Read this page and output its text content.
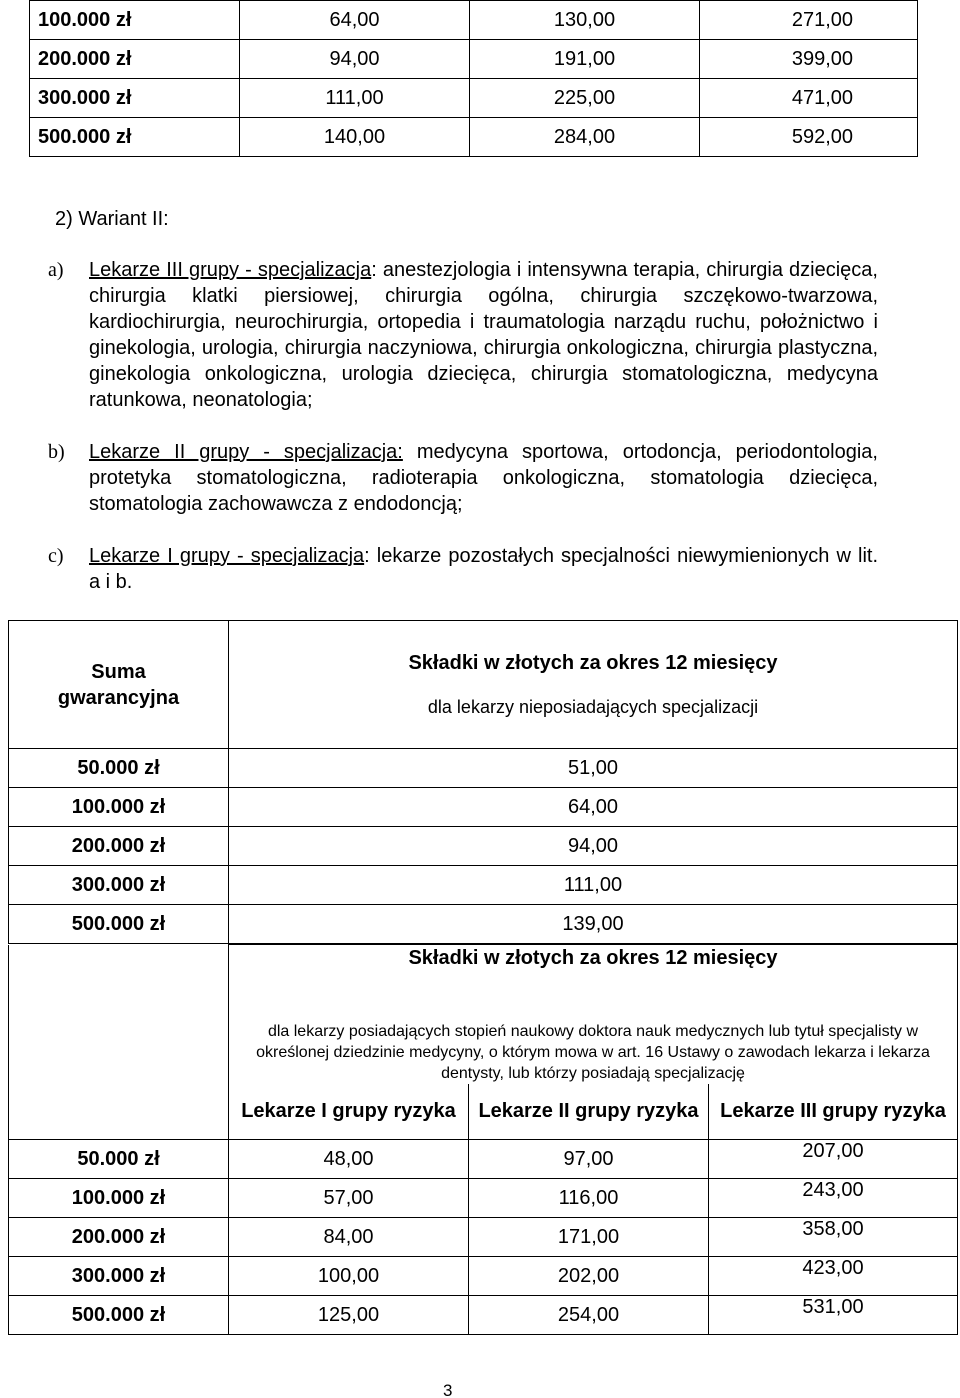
100.000 zł	64,00	130,00	271,00
200.000 zł	94,00	191,00	399,00
300.000 zł	111,00	225,00	471,00
500.000 zł	140,00	284,00	592,00
2) Wariant II:
a) Lekarze III grupy - specjalizacja: anestezjologia i intensywna terapia, chirurgia dziecięca, chirurgia klatki piersiowej, chirurgia ogólna, chirurgia szczękowo-twarzowa, kardiochirurgia, neurochirurgia, ortopedia i traumatologia narządu ruchu, położnictwo i ginekologia, urologia, chirurgia naczyniowa, chirurgia onkologiczna, chirurgia plastyczna, ginekologia onkologiczna, urologia dziecięca, chirurgia stomatologiczna, medycyna ratunkowa, neonatologia;
b) Lekarze II grupy - specjalizacja: medycyna sportowa, ortodoncja, periodontologia, protetyka stomatologiczna, radioterapia onkologiczna, stomatologia dziecięca, stomatologia zachowawcza z endodoncją;
c) Lekarze I grupy - specjalizacja: lekarze pozostałych specjalności niewymienionych w lit. a i b.
Suma gwarancyjna	Składki w złotych za okres 12 miesięcy
dla lekarzy nieposiadających specjalizacji

50.000 zł	51,00
100.000 zł	64,00
200.000 zł	94,00
300.000 zł	111,00
500.000 zł	139,00
	Składki w złotych za okres 12 miesięcy		
	dla lekarzy posiadających stopień naukowy doktora nauk medycznych lub tytuł specjalisty w określonej dziedzinie medycyny, o którym mowa w art. 16 Ustawy o zawodach lekarza i lekarza dentysty, lub którzy posiadają specjalizację		
	Lekarze I grupy ryzyka	Lekarze II grupy ryzyka	Lekarze III grupy ryzyka
50.000 zł	48,00	97,00	207,00
100.000 zł	57,00	116,00	243,00
200.000 zł	84,00	171,00	358,00
300.000 zł	100,00	202,00	423,00
500.000 zł	125,00	254,00	531,00
3
